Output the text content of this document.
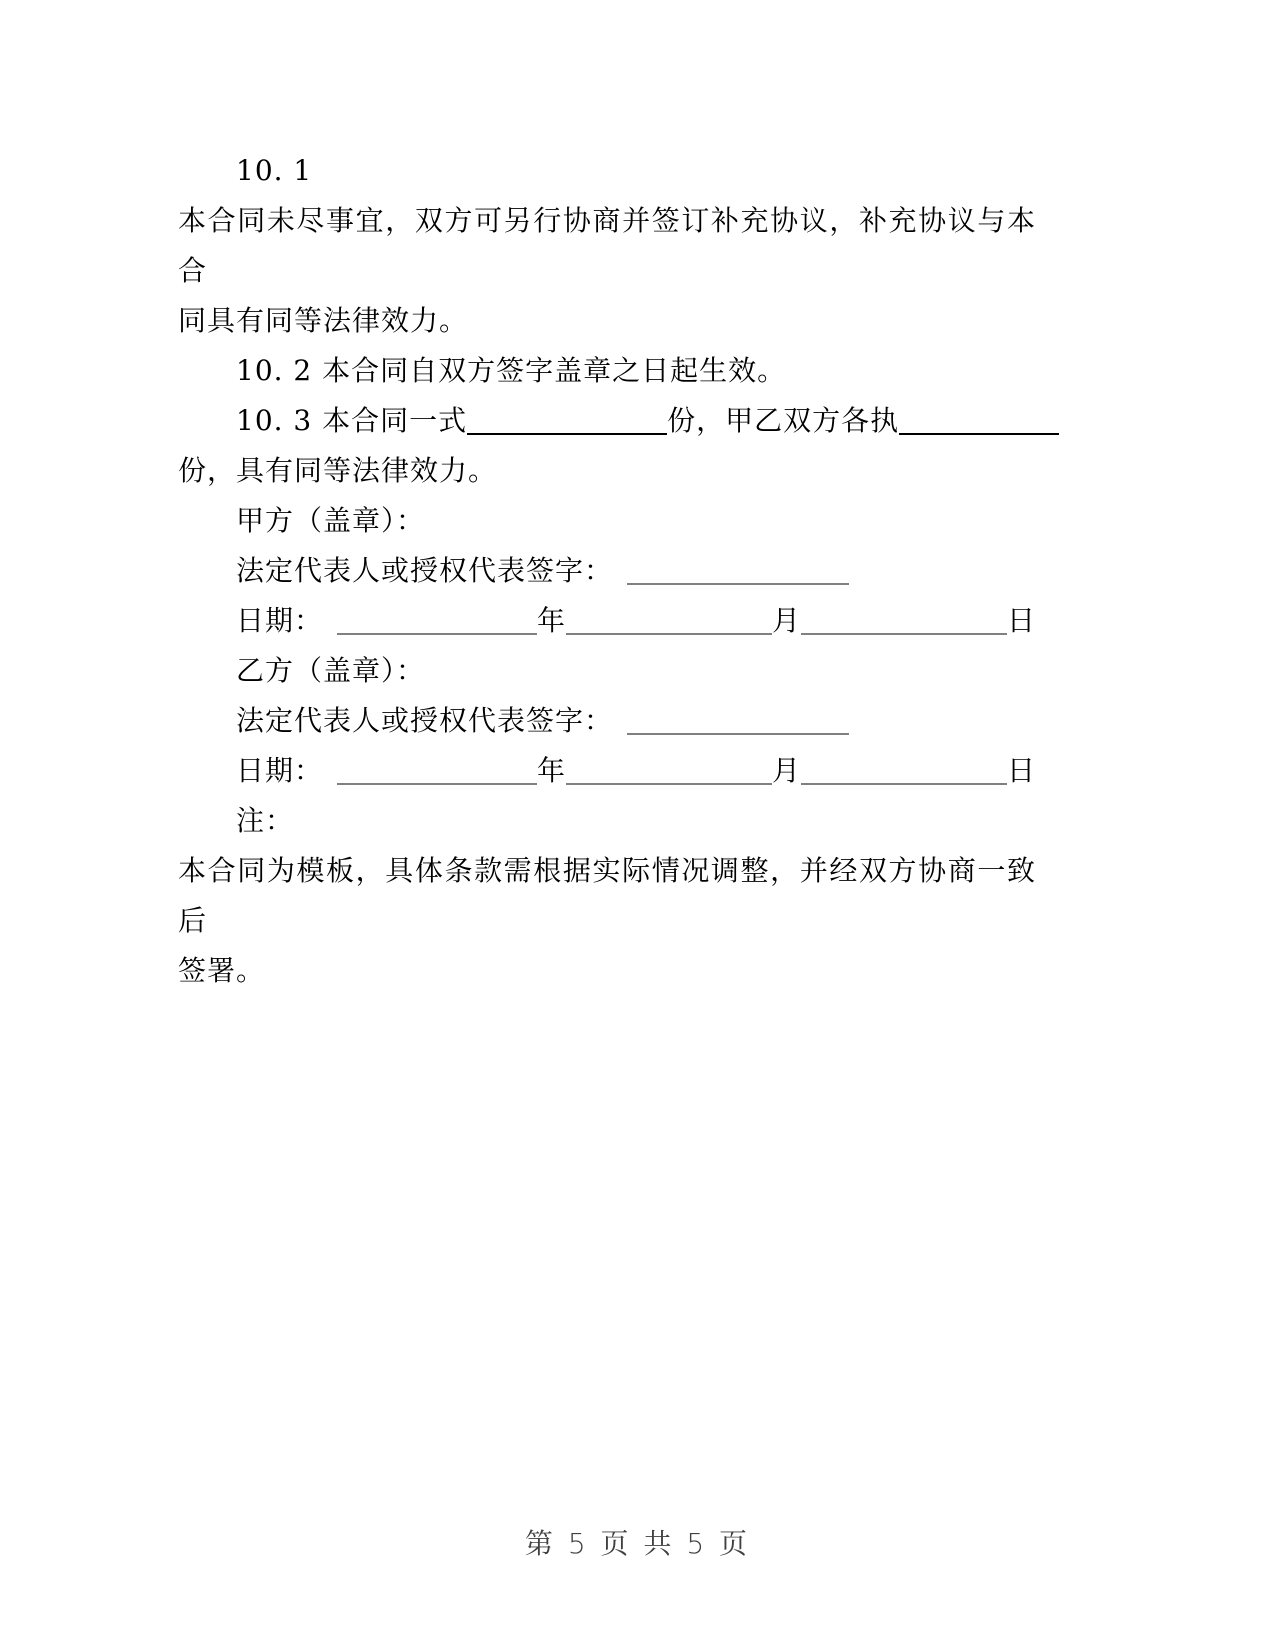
10. 1
本合同未尽事宜，双方可另行协商并签订补充协议，补充协议与本合
同具有同等法律效力。
10. 2 本合同自双方签字盖章之日起生效。
10. 3 本合同一式	份，甲乙双方各执
份，具有同等法律效力。
甲方（盖章）：
法定代表人或授权代表签字：
日期：	年	月	日
乙方（盖章）：
法定代表人或授权代表签字：
日期：	年	月	日
注：
本合同为模板，具体条款需根据实际情况调整，并经双方协商一致后
签署。
第 5 页 共 5 页
